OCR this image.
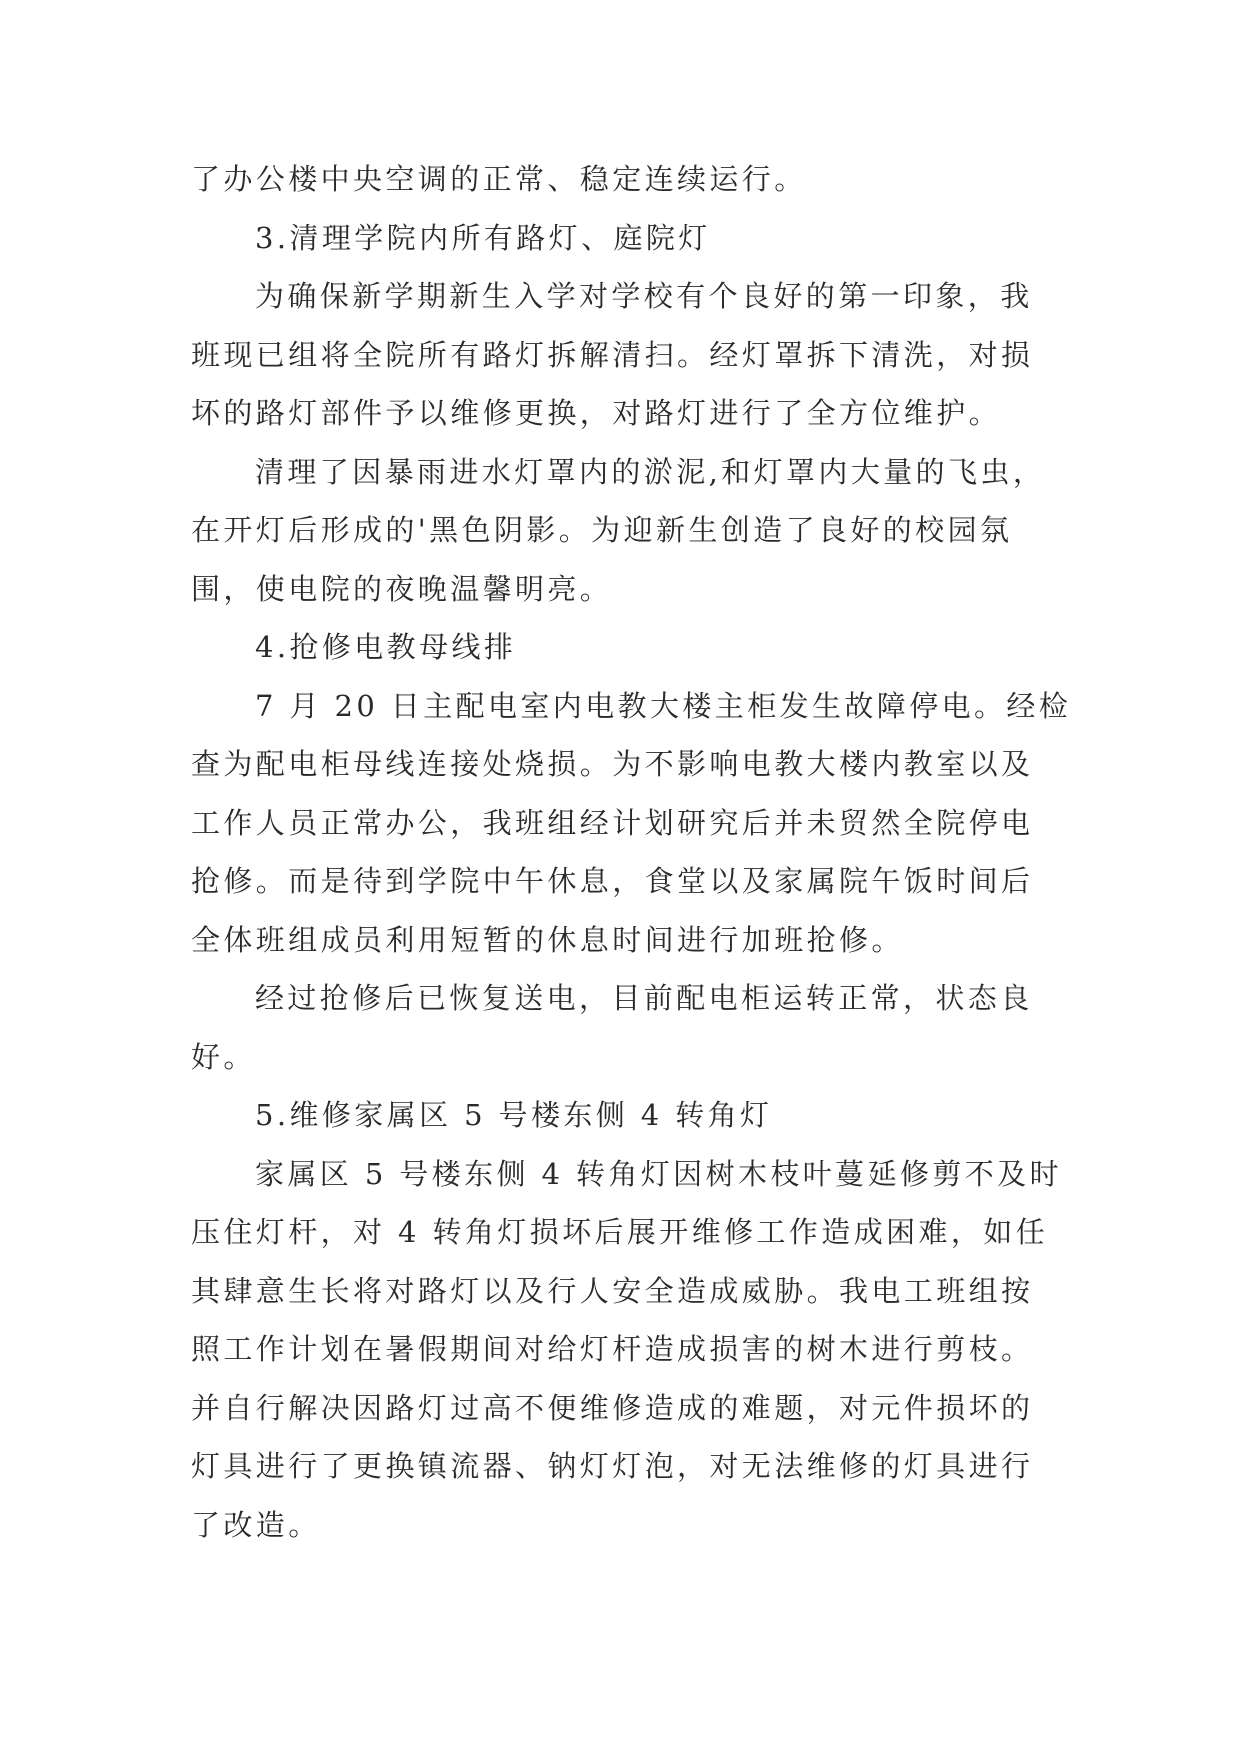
了办公楼中央空调的正常、稳定连续运行。
3.清理学院内所有路灯、庭院灯
为确保新学期新生入学对学校有个良好的第一印象，我
班现已组将全院所有路灯拆解清扫。经灯罩拆下清洗，对损
坏的路灯部件予以维修更换，对路灯进行了全方位维护。
清理了因暴雨进水灯罩内的淤泥,和灯罩内大量的飞虫，
在开灯后形成的'黑色阴影。为迎新生创造了良好的校园氛
围，使电院的夜晚温馨明亮。
4.抢修电教母线排
7 月 20 日主配电室内电教大楼主柜发生故障停电。经检
查为配电柜母线连接处烧损。为不影响电教大楼内教室以及
工作人员正常办公，我班组经计划研究后并未贸然全院停电
抢修。而是待到学院中午休息，食堂以及家属院午饭时间后
全体班组成员利用短暂的休息时间进行加班抢修。
经过抢修后已恢复送电，目前配电柜运转正常，状态良
好。
5.维修家属区 5 号楼东侧 4 转角灯
家属区 5 号楼东侧 4 转角灯因树木枝叶蔓延修剪不及时
压住灯杆，对 4 转角灯损坏后展开维修工作造成困难，如任
其肆意生长将对路灯以及行人安全造成威胁。我电工班组按
照工作计划在暑假期间对给灯杆造成损害的树木进行剪枝。
并自行解决因路灯过高不便维修造成的难题，对元件损坏的
灯具进行了更换镇流器、钠灯灯泡，对无法维修的灯具进行
了改造。
